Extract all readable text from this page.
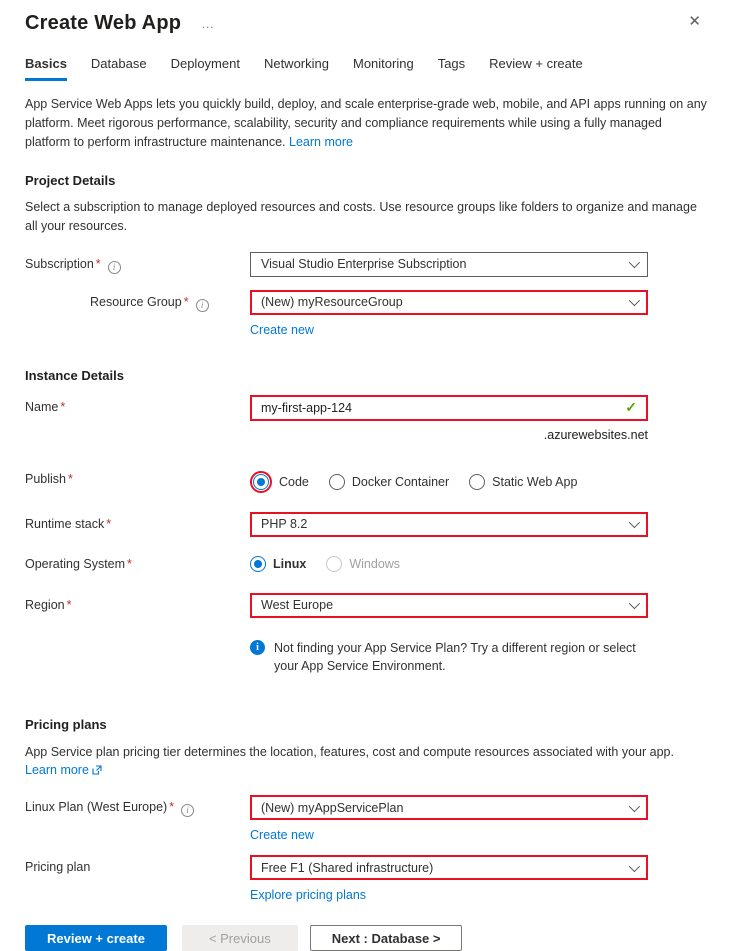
Create Web App …	✕
Basics Database Deployment Networking Monitoring Tags Review + create
App Service Web Apps lets you quickly build, deploy, and scale enterprise-grade web, mobile, and API apps running on any platform. Meet rigorous performance, scalability, security and compliance requirements while using a fully managed platform to perform infrastructure maintenance. Learn more
Project Details
Select a subscription to manage deployed resources and costs. Use resource groups like folders to organize and manage all your resources.
Subscription * i	Visual Studio Enterprise Subscription
Resource Group * i	(New) myResourceGroup
Create new
Instance Details
Name *
my-first-app-124	✓
.azurewebsites.net
Publish *	Code	Docker Container	Static Web App
Runtime stack *	PHP 8.2
Operating System *	Linux	Windows
Region *	West Europe
i	Not finding your App Service Plan? Try a different region or select your App Service Environment.
Pricing plans
App Service plan pricing tier determines the location, features, cost and compute resources associated with your app.
Learn more
Linux Plan (West Europe) * i	(New) myAppServicePlan
Create new
Pricing plan	Free F1 (Shared infrastructure)
Explore pricing plans
Review + create	< Previous	Next : Database >
